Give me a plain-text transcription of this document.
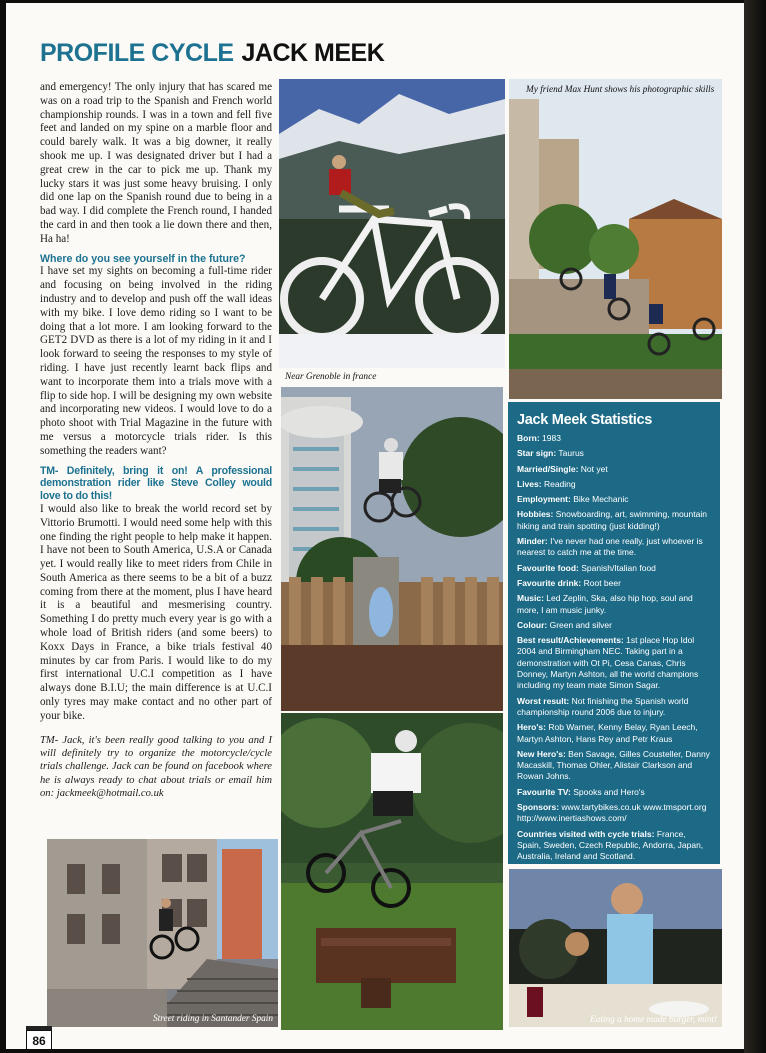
PROFILE CYCLE JACK MEEK

and emergency! The only injury that has scared me was on a road trip to the Spanish and French world championship rounds. I was in a town and fell five feet and landed on my spine on a marble floor and could barely walk. It was a big downer, it really shook me up. I was designated driver but I had a great crew in the car to pick me up. Thank my lucky stars it was just some heavy bruising. I only did one lap on the Spanish round due to being in a bad way. I did complete the French round, I handed the card in and then took a lie down there and then, Ha ha!

Where do you see yourself in the future?

I have set my sights on becoming a full-time rider and focusing on being involved in the riding industry and to develop and push off the wall ideas with my bike. I love demo riding so I want to be doing that a lot more. I am looking forward to the GET2 DVD as there is a lot of my riding in it and I look forward to seeing the responses to my style of riding. I have just recently learnt back flips and want to incorporate them into a trials move with a flip to side hop. I will be designing my own website and incorporating new videos. I would love to do a photo shoot with Trial Magazine in the future with me versus a motorcycle trials rider. Is this something the readers want?

TM- Definitely, bring it on! A professional demonstration rider like Steve Colley would love to do this!

I would also like to break the world record set by Vittorio Brumotti. I would need some help with this one finding the right people to help make it happen. I have not been to South America, U.S.A or Canada yet. I would really like to meet riders from Chile in South America as there seems to be a bit of a buzz coming from there at the moment, plus I have heard it is a beautiful and mesmerising country. Something I do pretty much every year is go with a whole load of British riders (and some beers) to Koxx Days in France, a bike trials festival 40 minutes by car from Paris. I would like to do my first international U.C.I competition as I have always done B.I.U; the main difference is at U.C.I only tyres may make contact and no other part of your bike.

TM- Jack, it's been really good talking to you and I will definitely try to organize the motorcycle/cycle trials challenge. Jack can be found on facebook where he is always ready to chat about trials or email him on: jackmeek@hotmail.co.uk

Near Grenoble in france
My friend Max Hunt shows his photographic skills
Jack Meek Statistics
Born: 1983
Star sign: Taurus
Married/Single: Not yet
Lives: Reading
Employment: Bike Mechanic
Hobbies: Snowboarding, art, swimming, mountain hiking and train spotting (just kidding!)
Minder: I've never had one really, just whoever is nearest to catch me at the time.
Favourite food: Spanish/Italian food
Favourite drink: Root beer
Music: Led Zeplin, Ska, also hip hop, soul and more, I am music junky.
Colour: Green and silver
Best result/Achievements: 1st place Hop Idol 2004 and Birmingham NEC. Taking part in a demonstration with Ot Pi, Cesa Canas, Chris Donney, Martyn Ashton, all the world champions including my team mate Simon Sagar.
Worst result: Not finishing the Spanish world championship round 2006 due to injury.
Hero's: Rob Warner, Kenny Belay, Ryan Leech, Martyn Ashton, Hans Rey and Petr Kraus
New Hero's: Ben Savage, Gilles Cousteller, Danny Macaskill, Thomas Ohler, Alistair Clarkson and Rowan Johns.
Favourite TV: Spooks and Hero's
Sponsors: www.tartybikes.co.uk www.tmsport.org http://www.inertiashows.com/
Countries visited with cycle trials: France, Spain, Sweden, Czech Republic, Andorra, Japan, Australia, Ireland and Scotland.
Street riding in Santander Spain	Eating a home made burger, mint!
86
